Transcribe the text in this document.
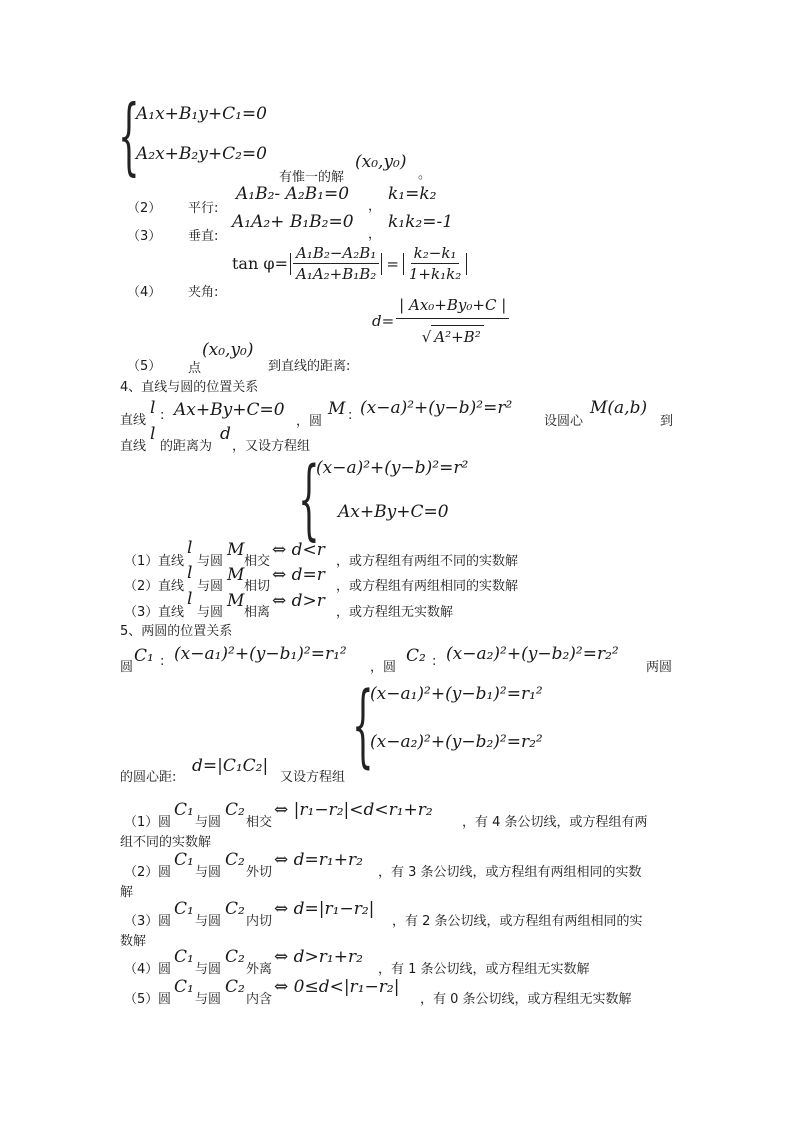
{
A₁x+B₁y+C₁=0
A₂x+B₂y+C₂=0
有惟一的解
(x₀,y₀)
。
（2） 平行:
A₁B₂- A₂B₁=0
，
k₁=k₂
（3） 垂直:
A₁A₂+ B₁B₂=0
，
k₁k₂=-1
（4） 夹角:
$\tan \varphi= \frac{\text{A₁B₂−A₂B₁}}{\text{A₁A₂+B₁B₂}} = \frac{\text{k₂−k₁}}{\text{1+k₁k₂}}$
$d= \frac{\text{| Ax₀+By₀+C |}}{\text{√ A²+B²}}$
（5） 点
(x₀,y₀)
到直线的距离:
4、直线与圆的位置关系
直线
l : Ax+By+C=0
，圆
M : (x−a)²+(y−b)²=r²
设圆心
M(a,b)
到
直线
l
的距离为
d
，又设方程组
{
(x−a)²+(y−b)²=r²
Ax+By+C=0
（1） 直线
l
与圆
M
相交
⇔ d<r
，或方程组有两组不同的实数解
（2） 直线
l
与圆
M
相切
⇔ d=r
，或方程组有两组相同的实数解
（3） 直线
l
与圆
M
相离
⇔ d>r
，或方程组无实数解
5、两圆的位置关系
圆
C₁ : (x−a₁)²+(y−b₁)²=r₁²
，圆
C₂ : (x−a₂)²+(y−b₂)²=r₂²
两圆
{
(x−a₁)²+(y−b₁)²=r₁²
(x−a₂)²+(y−b₂)²=r₂²
的圆心距:
d=|C₁C₂|
又设方程组
（1） 圆
C₁
与圆
C₂
相交
⇔ |r₁−r₂|<d<r₁+r₂
，有 4 条公切线，或方程组有两
组不同的实数解
（2） 圆
C₁
与圆
C₂
外切
⇔ d=r₁+r₂
，有 3 条公切线，或方程组有两组相同的实数
解
（3） 圆
C₁
与圆
C₂
内切
⇔ d=|r₁−r₂|
，有 2 条公切线，或方程组有两组相同的实
数解
（4） 圆
C₁
与圆
C₂
外离
⇔ d>r₁+r₂
，有 1 条公切线，或方程组无实数解
（5） 圆
C₁
与圆
C₂
内含
⇔ 0≤d<|r₁−r₂|
，有 0 条公切线，或方程组无实数解
